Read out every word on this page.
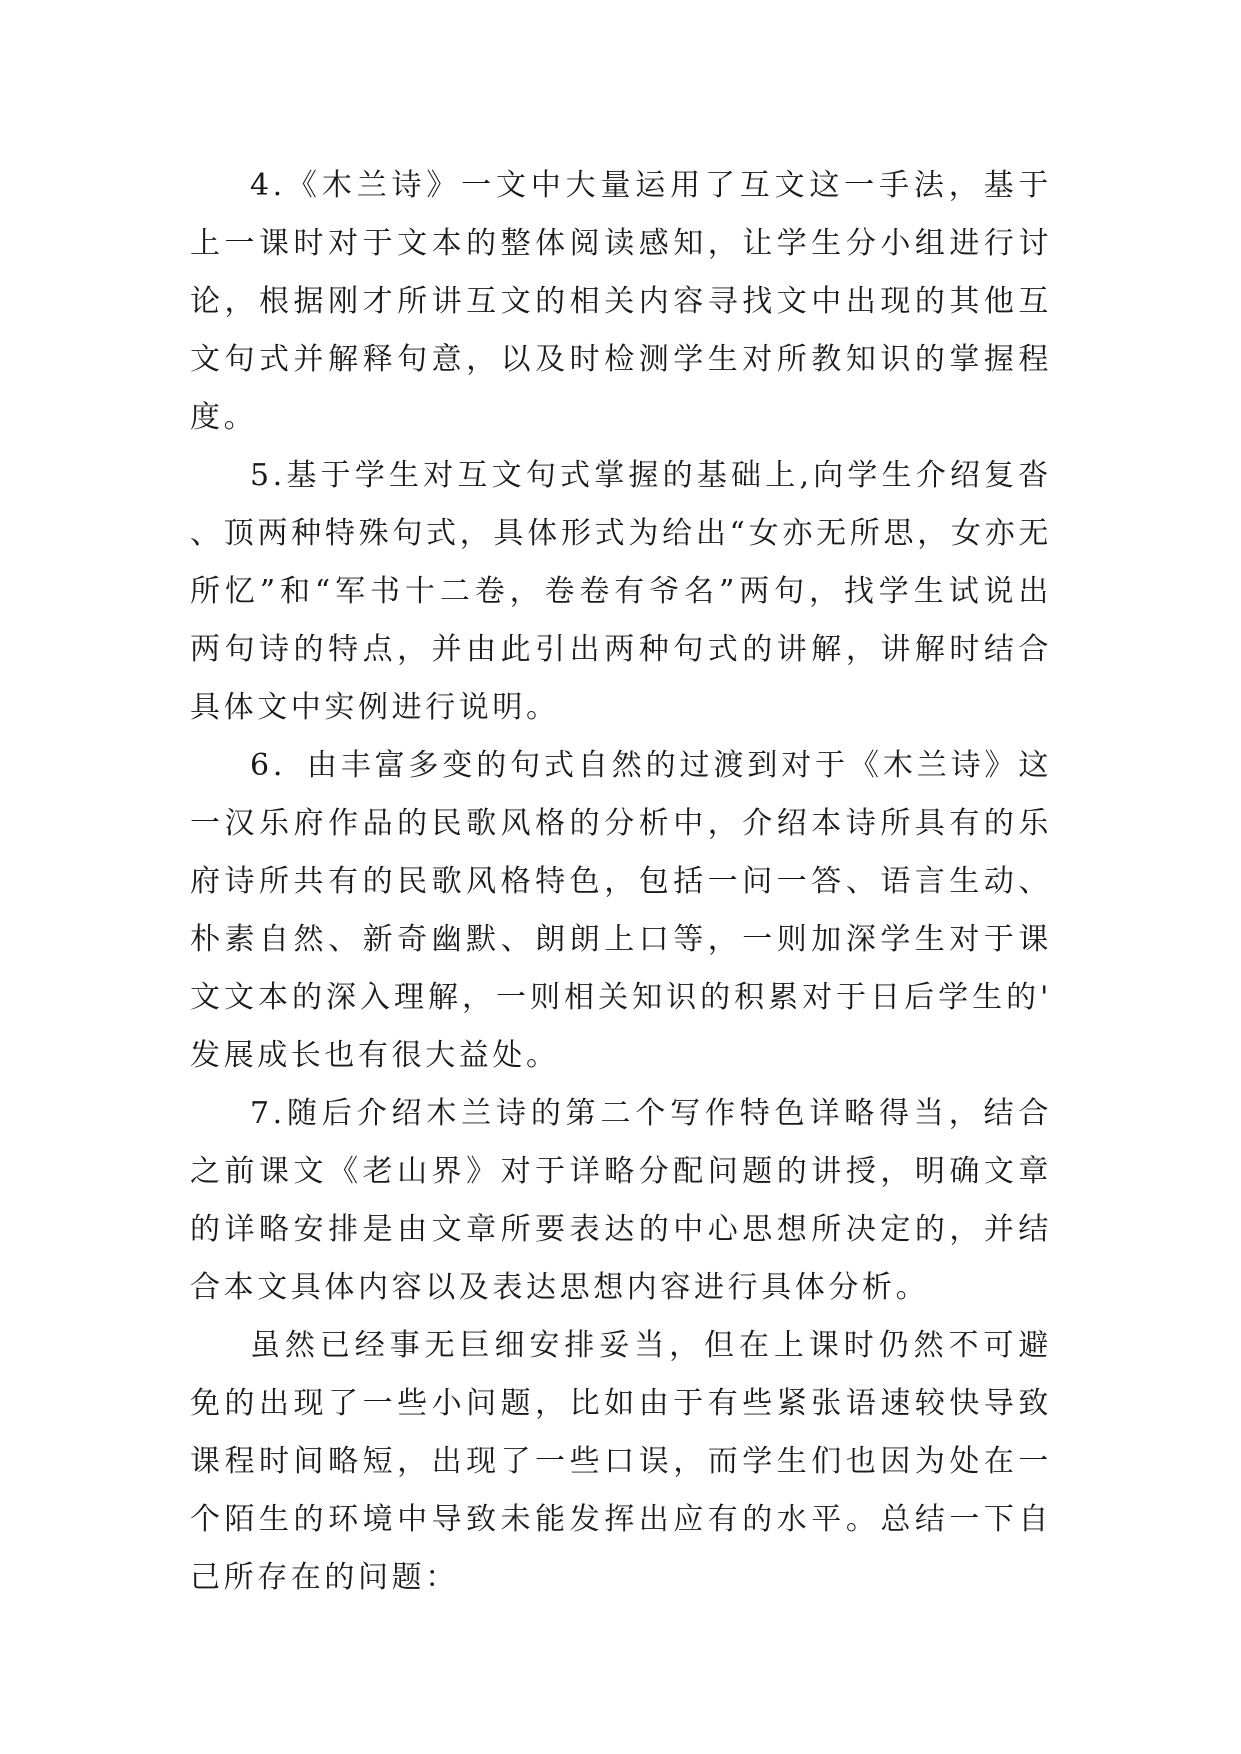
4.《木兰诗》一文中大量运用了互文这一手法，基于上一课时对于文本的整体阅读感知，让学生分小组进行讨论，根据刚才所讲互文的相关内容寻找文中出现的其他互文句式并解释句意，以及时检测学生对所教知识的掌握程度。

5.基于学生对互文句式掌握的基础上,向学生介绍复沓、顶两种特殊句式，具体形式为给出“女亦无所思，女亦无所忆”和“军书十二卷，卷卷有爷名”两句，找学生试说出两句诗的特点，并由此引出两种句式的讲解，讲解时结合具体文中实例进行说明。

6．由丰富多变的句式自然的过渡到对于《木兰诗》这一汉乐府作品的民歌风格的分析中，介绍本诗所具有的乐府诗所共有的民歌风格特色，包括一问一答、语言生动、朴素自然、新奇幽默、朗朗上口等，一则加深学生对于课文文本的深入理解，一则相关知识的积累对于日后学生的'发展成长也有很大益处。

7.随后介绍木兰诗的第二个写作特色详略得当，结合之前课文《老山界》对于详略分配问题的讲授，明确文章的详略安排是由文章所要表达的中心思想所决定的，并结合本文具体内容以及表达思想内容进行具体分析。

虽然已经事无巨细安排妥当，但在上课时仍然不可避免的出现了一些小问题，比如由于有些紧张语速较快导致课程时间略短，出现了一些口误，而学生们也因为处在一个陌生的环境中导致未能发挥出应有的水平。总结一下自己所存在的问题：
